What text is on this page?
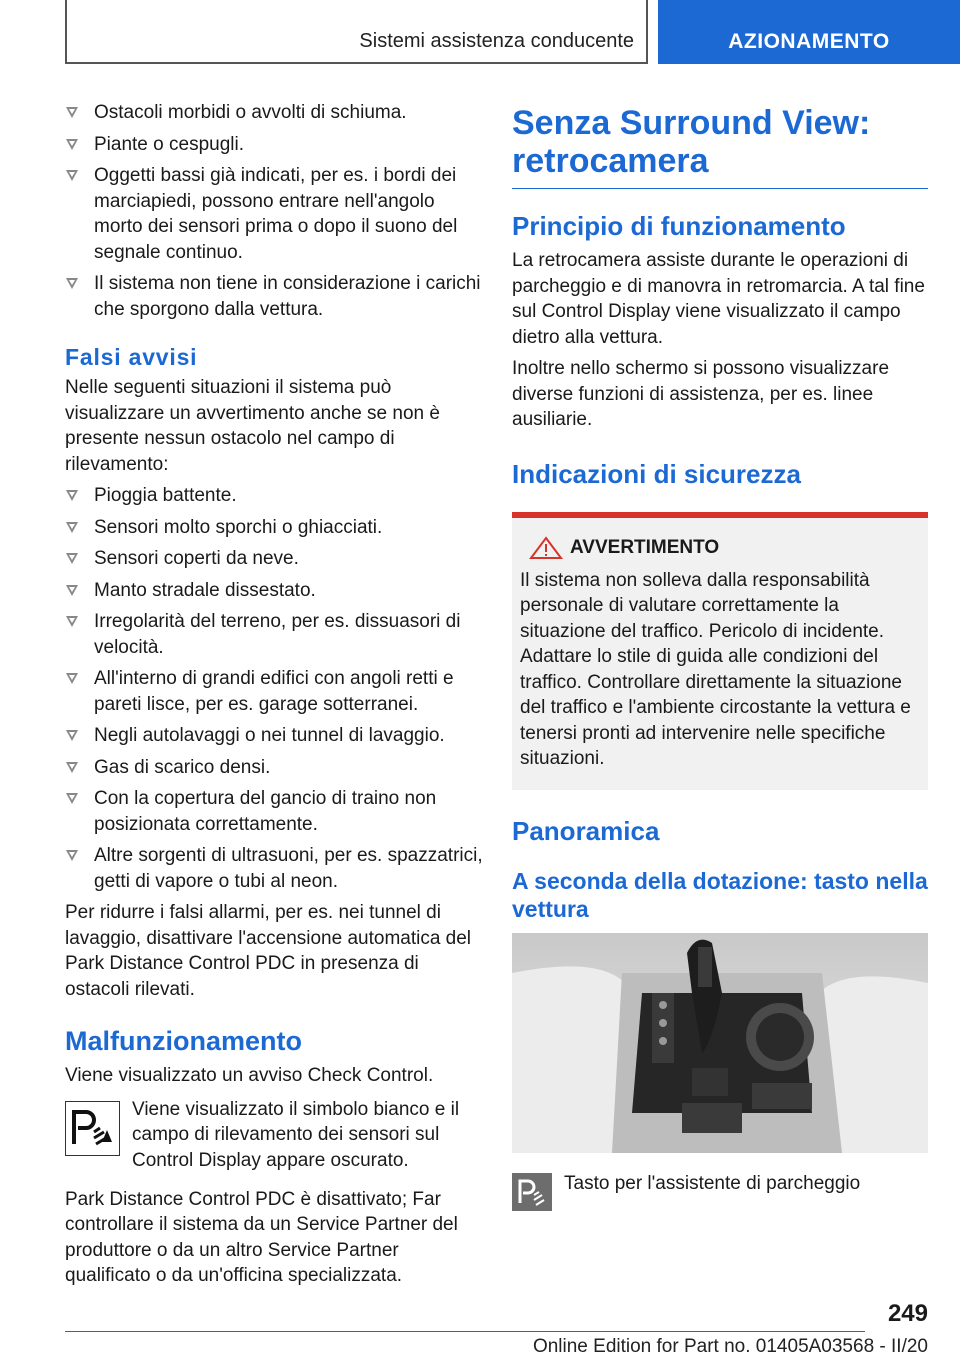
Sistemi assistenza conducente	AZIONAMENTO
Ostacoli morbidi o avvolti di schiuma.
Piante o cespugli.
Oggetti bassi già indicati, per es. i bordi dei marciapiedi, possono entrare nell'angolo morto dei sensori prima o dopo il suono del segnale continuo.
Il sistema non tiene in considerazione i carichi che sporgono dalla vettura.
Falsi avvisi

Nelle seguenti situazioni il sistema può visualizzare un avvertimento anche se non è presente nessun ostacolo nel campo di rilevamento:

Pioggia battente.
Sensori molto sporchi o ghiacciati.
Sensori coperti da neve.
Manto stradale dissestato.
Irregolarità del terreno, per es. dissuasori di velocità.
All'interno di grandi edifici con angoli retti e pareti lisce, per es. garage sotterranei.
Negli autolavaggi o nei tunnel di lavaggio.
Gas di scarico densi.
Con la copertura del gancio di traino non posizionata correttamente.
Altre sorgenti di ultrasuoni, per es. spazzatrici, getti di vapore o tubi al neon.

Per ridurre i falsi allarmi, per es. nei tunnel di lavaggio, disattivare l'accensione automatica del Park Distance Control PDC in presenza di ostacoli rilevati.

Malfunzionamento

Viene visualizzato un avviso Check Control.

Viene visualizzato il simbolo bianco e il campo di rilevamento dei sensori sul Control Display appare oscurato.

Park Distance Control PDC è disattivato; Far controllare il sistema da un Service Partner del produttore o da un altro Service Partner qualificato o da un'officina specializzata.

Senza Surround View: retrocamera
Principio di funzionamento

La retrocamera assiste durante le operazioni di parcheggio e di manovra in retromarcia. A tal fine sul Control Display viene visualizzato il campo dietro alla vettura.

Inoltre nello schermo si possono visualizzare diverse funzioni di assistenza, per es. linee ausiliarie.

Indicazioni di sicurezza
AVVERTIMENTO

Il sistema non solleva dalla responsabilità personale di valutare correttamente la situazione del traffico. Pericolo di incidente. Adattare lo stile di guida alle condizioni del traffico. Controllare direttamente la situazione del traffico e l'ambiente circostante la vettura e tenersi pronti ad intervenire nelle specifiche situazioni.

Panoramica
A seconda della dotazione: tasto nella vettura
Tasto per l'assistente di parcheggio
249
Online Edition for Part no. 01405A03568 - II/20
